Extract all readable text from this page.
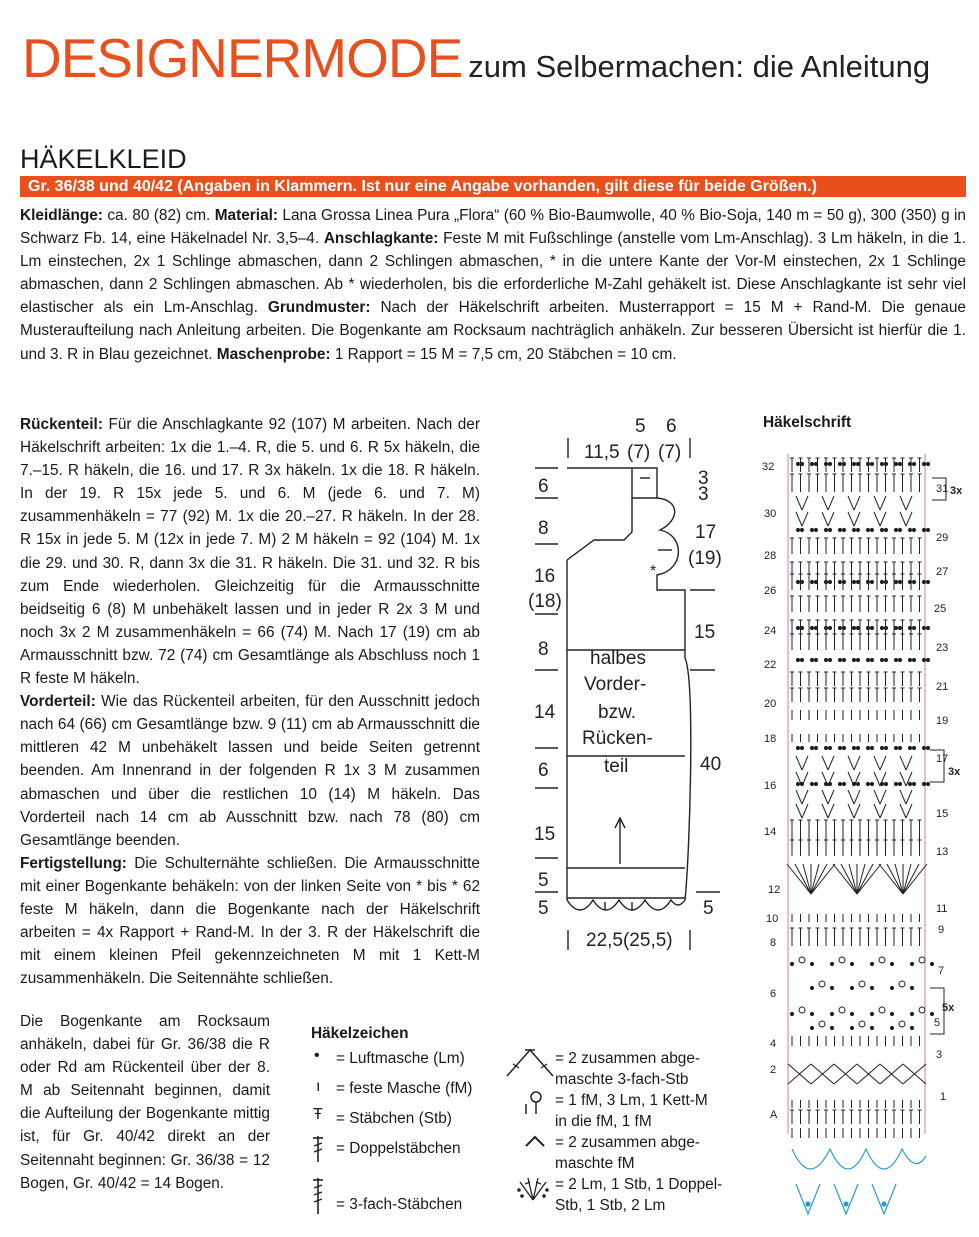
DESIGNERMODE zum Selbermachen: die Anleitung
HÄKELKLEID
Gr. 36/38 und 40/42 (Angaben in Klammern. Ist nur eine Angabe vorhanden, gilt diese für beide Größen.)
Kleidlänge: ca. 80 (82) cm. Material: Lana Grossa Linea Pura „Flora“ (60 % Bio-Baumwolle, 40 % Bio-Soja, 140 m = 50 g), 300 (350) g in Schwarz Fb. 14, eine Häkelnadel Nr. 3,5–4. Anschlagkante: Feste M mit Fußschlinge (anstelle vom Lm-Anschlag). 3 Lm häkeln, in die 1. Lm einstechen, 2x 1 Schlinge abmaschen, dann 2 Schlingen abmaschen, * in die untere Kante der Vor-M einstechen, 2x 1 Schlinge abmaschen, dann 2 Schlingen abmaschen. Ab * wiederholen, bis die erforderliche M-Zahl gehäkelt ist. Diese Anschlagkante ist sehr viel elastischer als ein Lm-Anschlag. Grundmuster: Nach der Häkelschrift arbeiten. Musterrapport = 15 M + Rand-M. Die genaue Musteraufteilung nach Anleitung arbeiten. Die Bogenkante am Rocksaum nachträglich anhäkeln. Zur besseren Übersicht ist hierfür die 1. und 3. R in Blau gezeichnet. Maschenprobe: 1 Rapport = 15 M = 7,5 cm, 20 Stäbchen = 10 cm.

Rückenteil: Für die Anschlagkante 92 (107) M arbeiten. Nach der Häkelschrift arbeiten: 1x die 1.–4. R, die 5. und 6. R 5x häkeln, die 7.–15. R häkeln, die 16. und 17. R 3x häkeln. 1x die 18. R häkeln. In der 19. R 15x jede 5. und 6. M (jede 6. und 7. M) zusammenhäkeln = 77 (92) M. 1x die 20.–27. R häkeln. In der 28. R 15x in jede 5. M (12x in jede 7. M) 2 M häkeln = 92 (104) M. 1x die 29. und 30. R, dann 3x die 31. R häkeln. Die 31. und 32. R bis zum Ende wiederholen. Gleichzeitig für die Armausschnitte beidseitig 6 (8) M unbehäkelt lassen und in jeder R 2x 3 M und noch 3x 2 M zusammenhäkeln = 66 (74) M. Nach 17 (19) cm ab Armausschnitt bzw. 72 (74) cm Gesamtlänge als Abschluss noch 1 R feste M häkeln.

Vorderteil: Wie das Rückenteil arbeiten, für den Ausschnitt jedoch nach 64 (66) cm Gesamtlänge bzw. 9 (11) cm ab Armausschnitt die mittleren 42 M unbehäkelt lassen und beide Seiten getrennt beenden. Am Innenrand in der folgenden R 1x 3 M zusammen abmaschen und über die restlichen 10 (14) M häkeln. Das Vorderteil nach 14 cm ab Ausschnitt bzw. nach 78 (80) cm Gesamtlänge beenden.

Fertigstellung: Die Schulternähte schließen. Die Armausschnitte mit einer Bogenkante behäkeln: von der linken Seite von * bis * 62 feste M häkeln, dann die Bogenkante nach der Häkelschrift arbeiten = 4x Rapport + Rand-M. In der 3. R der Häkelschrift die mit einem kleinen Pfeil gekennzeichneten M mit 1 Kett-M zusammenhäkeln. Die Seitennähte schließen.

Die Bogenkante am Rocksaum anhäkeln, dabei für Gr. 36/38 die R oder Rd am Rückenteil über der 8. M ab Seitennaht beginnen, damit die Aufteilung der Bogenkante mittig ist, für Gr. 40/42 direkt an der Seitennaht beginnen: Gr. 36/38 = 12 Bogen, Gr. 40/42 = 14 Bogen.
Häkelzeichen
• = Luftmasche (Lm)
ı = feste Masche (fM)
Ŧ = Stäbchen (Stb)
= Doppelstäbchen
= 3-fach-Stäbchen
= 2 zusammen abge-
maschte 3-fach-Stb
= 1 fM, 3 Lm, 1 Kett-M
in die fM, 1 fM
= 2 zusammen abge-
maschte fM
= 2 Lm, 1 Stb, 1 Doppel-
Stb, 1 Stb, 2 Lm
5 6
11,5 (7) (7)
3
3
6
8
16
(18)
8
14
6
15
5
5
17
(19)
15
40
5
halbes
Vorder-
bzw.
Rücken-
teil
22,5(25,5)
*
Häkelschrift
32
30
28
26
24
22
20
18
16
14
12
10
8
6
4
2
A
31
29
27
25
23
21
19
17
15
13
11
9
7
5
3
1
3x
3x
5x
